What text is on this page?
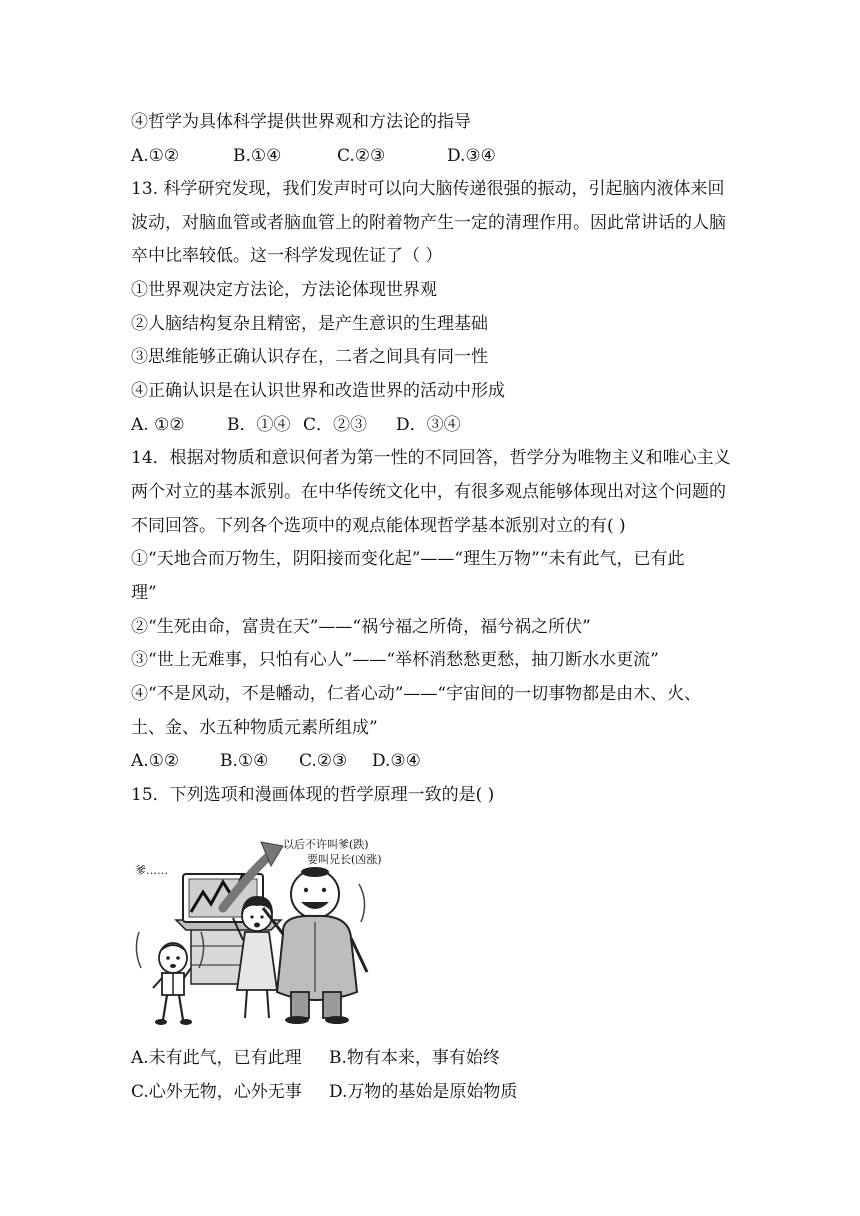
④哲学为具体科学提供世界观和方法论的指导
A.①②	B.①④	C.②③	D.③④
13. 科学研究发现，我们发声时可以向大脑传递很强的振动，引起脑内液体来回
波动，对脑血管或者脑血管上的附着物产生一定的清理作用。因此常讲话的人脑
卒中比率较低。这一科学发现佐证了（ ）
①世界观决定方法论，方法论体现世界观
②人脑结构复杂且精密，是产生意识的生理基础
③思维能够正确认识存在，二者之间具有同一性
④正确认识是在认识世界和改造世界的活动中形成
A. ①②	B．①④ C．②③	D．③④
14．根据对物质和意识何者为第一性的不同回答，哲学分为唯物主义和唯心主义
两个对立的基本派别。在中华传统文化中，有很多观点能够体现出对这个问题的
不同回答。下列各个选项中的观点能体现哲学基本派别对立的有( )
①“天地合而万物生，阴阳接而变化起”——“理生万物”“未有此气，已有此
理”
②“生死由命，富贵在天”——“祸兮福之所倚，福兮祸之所伏”
③“世上无难事，只怕有心人”——“举杯消愁愁更愁，抽刀断水水更流”
④“不是风动，不是幡动，仁者心动”——“宇宙间的一切事物都是由木、火、
土、金、水五种物质元素所组成”
A.①②	B.①④	C.②③	D.③④
15．下列选项和漫画体现的哲学原理一致的是( )
爹……
以后不许叫爹(跌)
要叫兄长(凶涨)
A.未有此气，已有此理	B.物有本来，事有始终
C.心外无物，心外无事	D.万物的基始是原始物质
